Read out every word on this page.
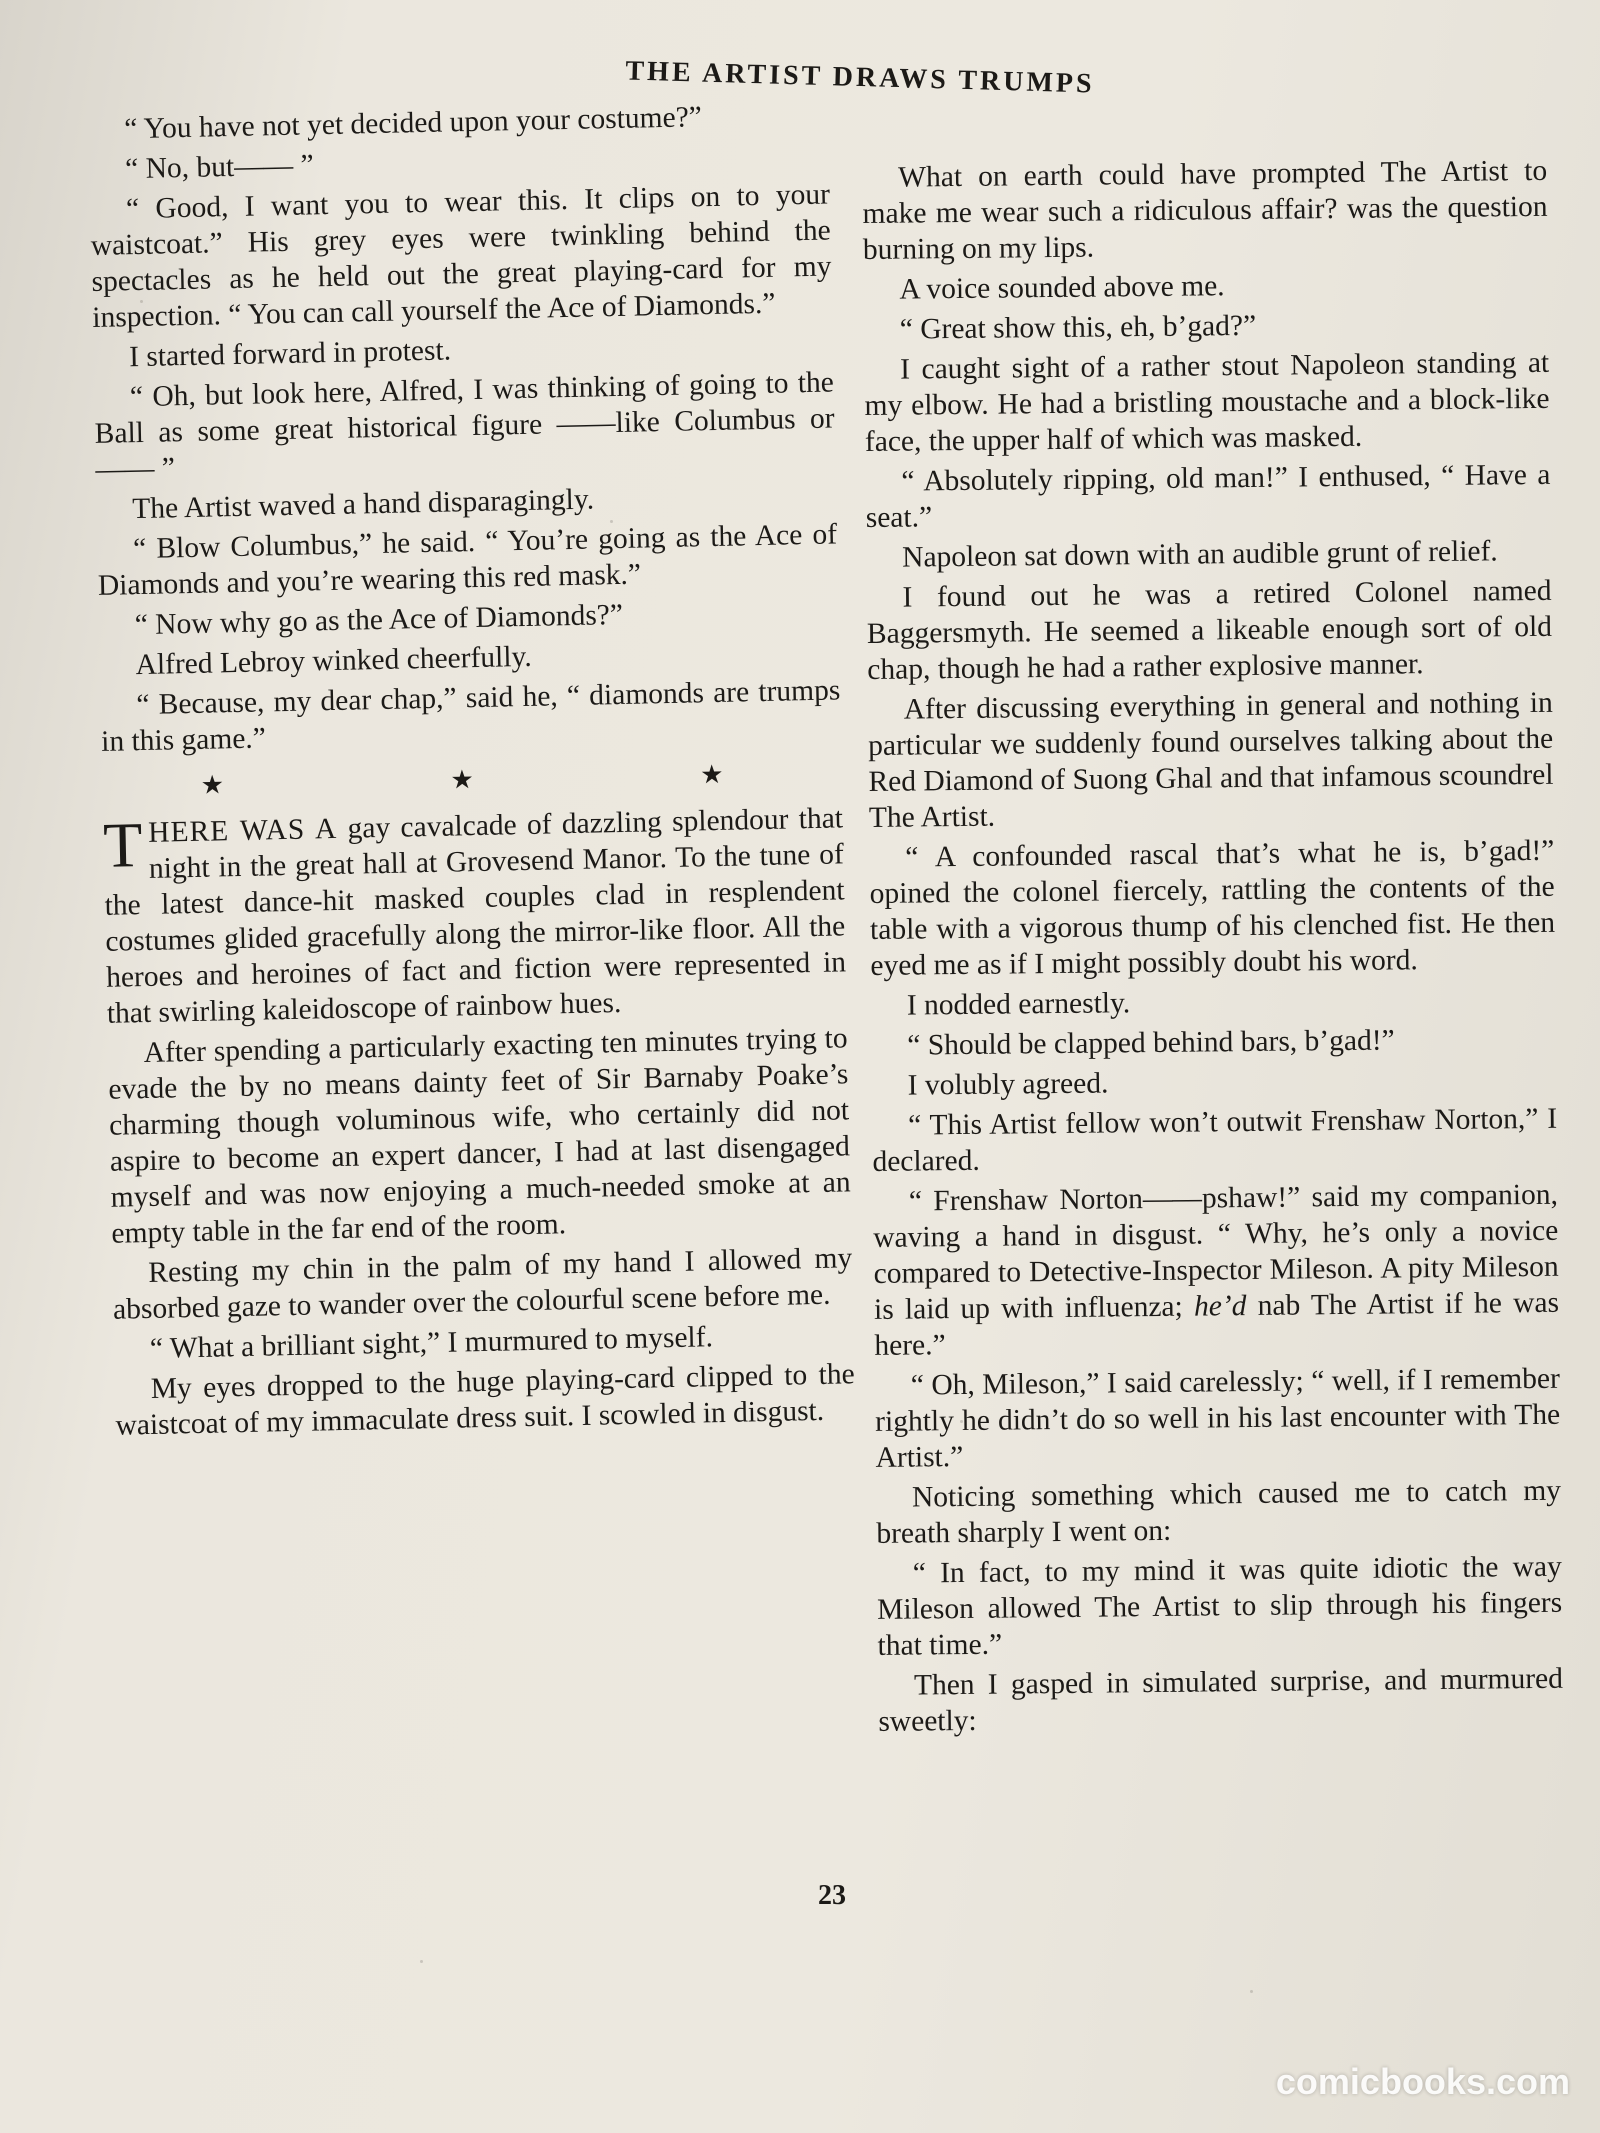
THE ARTIST DRAWS TRUMPS

“ You have not yet decided upon your costume?”

“ No, but—— ”

“ Good, I want you to wear this. It clips on to your waistcoat.” His grey eyes were twinkling behind the spectacles as he held out the great playing-card for my inspection. “ You can call yourself the Ace of Diamonds.”

I started forward in protest.

“ Oh, but look here, Alfred, I was thinking of going to the Ball as some great historical figure ——like Columbus or—— ”

The Artist waved a hand disparagingly.

“ Blow Columbus,” he said. “ You’re going as the Ace of Diamonds and you’re wearing this red mask.”

“ Now why go as the Ace of Diamonds?”

Alfred Lebroy winked cheerfully.

“ Because, my dear chap,” said he, “ diamonds are trumps in this game.”

★ ★ ★

THERE WAS A gay cavalcade of dazzling splendour that night in the great hall at Grovesend Manor. To the tune of the latest dance-hit masked couples clad in resplendent costumes glided gracefully along the mirror-like floor. All the heroes and heroines of fact and fiction were represented in that swirling kaleidoscope of rainbow hues.

After spending a particularly exacting ten minutes trying to evade the by no means dainty feet of Sir Barnaby Poake’s charming though voluminous wife, who certainly did not aspire to become an expert dancer, I had at last disengaged myself and was now enjoying a much-needed smoke at an empty table in the far end of the room.

Resting my chin in the palm of my hand I allowed my absorbed gaze to wander over the colourful scene before me.

“ What a brilliant sight,” I murmured to myself.

My eyes dropped to the huge playing-card clipped to the waistcoat of my immaculate dress suit. I scowled in disgust.

What on earth could have prompted The Artist to make me wear such a ridiculous affair? was the question burning on my lips.

A voice sounded above me.

“ Great show this, eh, b’gad?”

I caught sight of a rather stout Napoleon standing at my elbow. He had a bristling moustache and a block-like face, the upper half of which was masked.

“ Absolutely ripping, old man!” I enthused, “ Have a seat.”

Napoleon sat down with an audible grunt of relief.

I found out he was a retired Colonel named Baggersmyth. He seemed a likeable enough sort of old chap, though he had a rather explosive manner.

After discussing everything in general and nothing in particular we suddenly found ourselves talking about the Red Diamond of Suong Ghal and that infamous scoundrel The Artist.

“ A confounded rascal that’s what he is, b’gad!” opined the colonel fiercely, rattling the contents of the table with a vigorous thump of his clenched fist. He then eyed me as if I might possibly doubt his word.

I nodded earnestly.

“ Should be clapped behind bars, b’gad!”

I volubly agreed.

“ This Artist fellow won’t outwit Frenshaw Norton,” I declared.

“ Frenshaw Norton——pshaw!” said my companion, waving a hand in disgust. “ Why, he’s only a novice compared to Detective-Inspector Mileson. A pity Mileson is laid up with influenza; he’d nab The Artist if he was here.”

“ Oh, Mileson,” I said carelessly; “ well, if I remember rightly he didn’t do so well in his last encounter with The Artist.”

Noticing something which caused me to catch my breath sharply I went on:

“ In fact, to my mind it was quite idiotic the way Mileson allowed The Artist to slip through his fingers that time.”

Then I gasped in simulated surprise, and murmured sweetly:

23
comicbooks.com
